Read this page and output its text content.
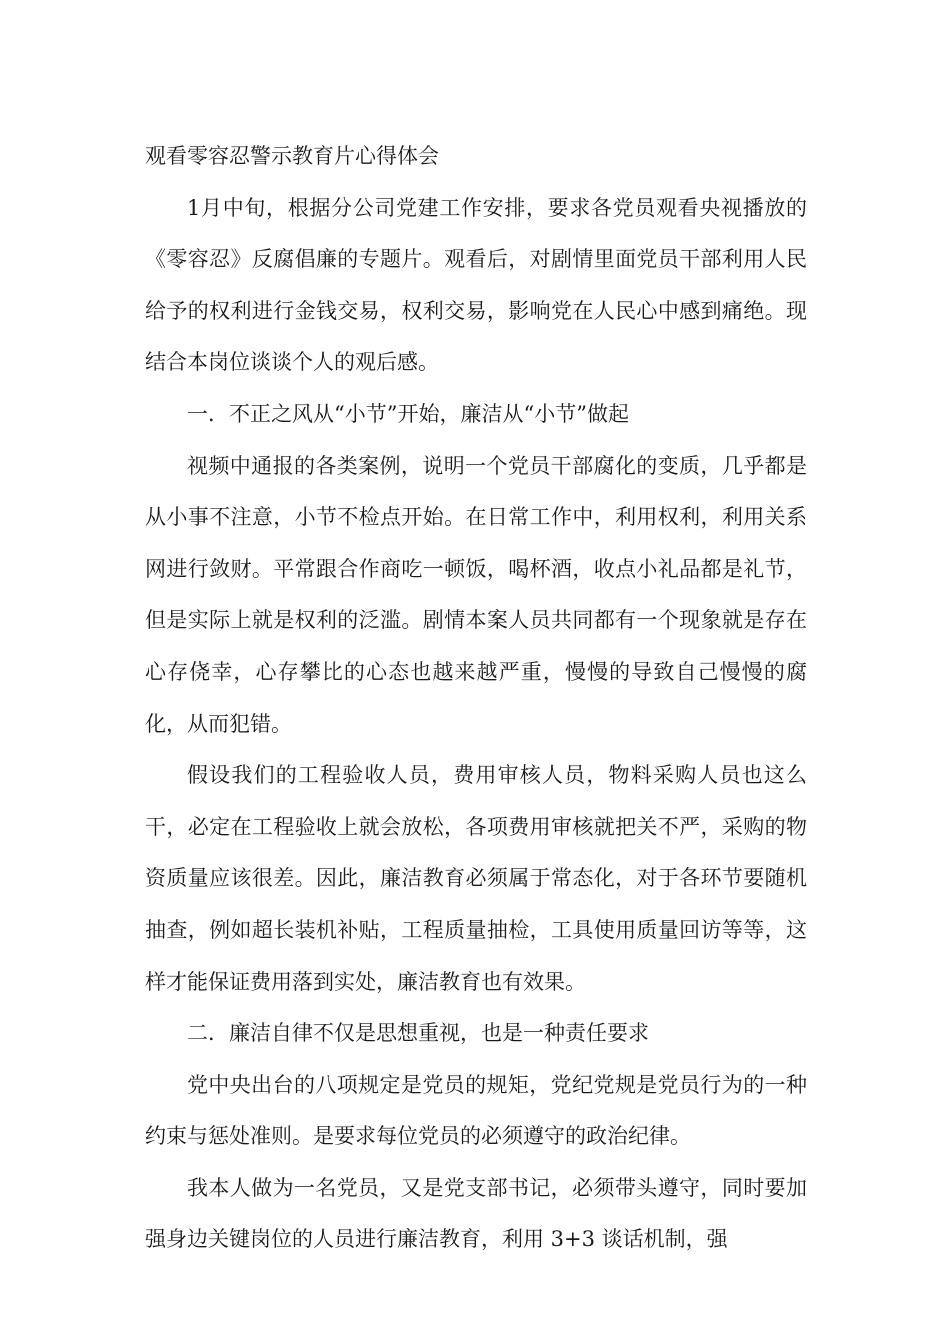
观看零容忍警示教育片心得体会

1月中旬，根据分公司党建工作安排，要求各党员观看央视播放的《零容忍》反腐倡廉的专题片。观看后，对剧情里面党员干部利用人民给予的权利进行金钱交易，权利交易，影响党在人民心中感到痛绝。现结合本岗位谈谈个人的观后感。

一．不正之风从“小节”开始，廉洁从“小节”做起

视频中通报的各类案例，说明一个党员干部腐化的变质，几乎都是从小事不注意，小节不检点开始。在日常工作中，利用权利，利用关系网进行敛财。平常跟合作商吃一顿饭，喝杯酒，收点小礼品都是礼节，但是实际上就是权利的泛滥。剧情本案人员共同都有一个现象就是存在心存侥幸，心存攀比的心态也越来越严重，慢慢的导致自己慢慢的腐化，从而犯错。

假设我们的工程验收人员，费用审核人员，物料采购人员也这么干，必定在工程验收上就会放松，各项费用审核就把关不严，采购的物资质量应该很差。因此，廉洁教育必须属于常态化，对于各环节要随机抽查，例如超长装机补贴，工程质量抽检，工具使用质量回访等等，这样才能保证费用落到实处，廉洁教育也有效果。

二．廉洁自律不仅是思想重视，也是一种责任要求

党中央出台的八项规定是党员的规矩，党纪党规是党员行为的一种约束与惩处准则。是要求每位党员的必须遵守的政治纪律。

我本人做为一名党员，又是党支部书记，必须带头遵守，同时要加强身边关键岗位的人员进行廉洁教育，利用 3+3 谈话机制，强
